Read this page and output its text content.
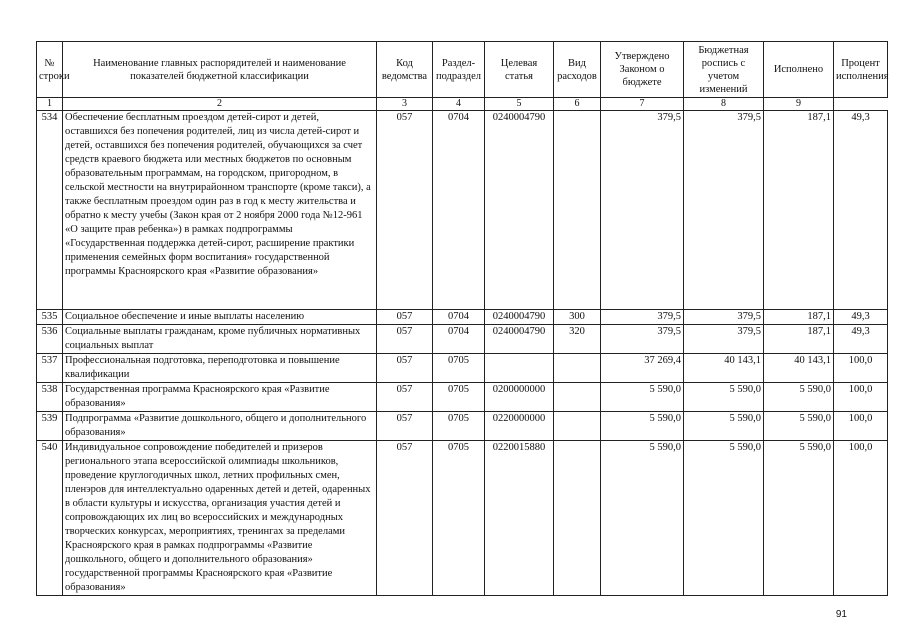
№ строки	Наименование главных распорядителей и наименование показателей бюджетной классификации	Код ведомства	Раздел-подраздел	Целевая статья	Вид расходов	Утверждено Законом о бюджете	Бюджетная роспись с учетом изменений	Исполнено	Процент исполнения
1	2	3	4	5	6	7	8	9	
534	Обеспечение бесплатным проездом детей-сирот и детей, оставшихся без попечения родителей, лиц из числа детей-сирот и детей, оставшихся без попечения родителей, обучающихся за счет средств краевого бюджета или местных бюджетов по основным образовательным программам, на городском, пригородном, в сельской местности на внутрирайонном транспорте (кроме такси), а также бесплатным проездом один раз в год к месту жительства и обратно к месту учебы (Закон края от 2 ноября 2000 года №12-961 «О защите прав ребенка») в рамках подпрограммы «Государственная поддержка детей-сирот, расширение практики применения семейных форм воспитания» государственной программы Красноярского края «Развитие образования»	057	0704	0240004790		379,5	379,5	187,1	49,3
535	Социальное обеспечение и иные выплаты населению	057	0704	0240004790	300	379,5	379,5	187,1	49,3
536	Социальные выплаты гражданам, кроме публичных нормативных социальных выплат	057	0704	0240004790	320	379,5	379,5	187,1	49,3
537	Профессиональная подготовка, переподготовка и повышение квалификации	057	0705			37 269,4	40 143,1	40 143,1	100,0
538	Государственная программа Красноярского края «Развитие образования»	057	0705	0200000000		5 590,0	5 590,0	5 590,0	100,0
539	Подпрограмма «Развитие дошкольного, общего и дополнительного образования»	057	0705	0220000000		5 590,0	5 590,0	5 590,0	100,0
540	Индивидуальное сопровождение победителей и призеров регионального этапа всероссийской олимпиады школьников, проведение круглогодичных школ, летних профильных смен, пленэров для интеллектуально одаренных детей и детей, одаренных в области культуры и искусства, организация участия детей и сопровождающих их лиц во всероссийских и международных творческих конкурсах, мероприятиях, тренингах за пределами Красноярского края в рамках подпрограммы «Развитие дошкольного, общего и дополнительного образования» государственной программы Красноярского края «Развитие образования»	057	0705	0220015880		5 590,0	5 590,0	5 590,0	100,0
91
